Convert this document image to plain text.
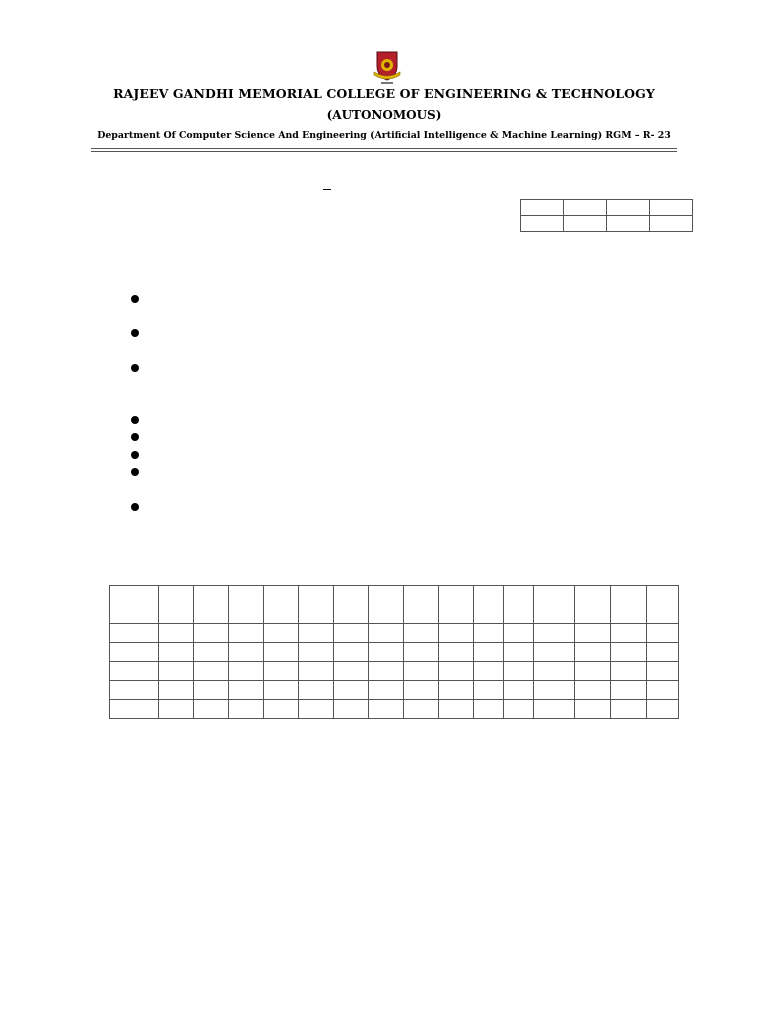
RAJEEV GANDHI MEMORIAL COLLEGE OF ENGINEERING & TECHNOLOGY
(AUTONOMOUS)
Department Of Computer Science And Engineering (Artificial Intelligence & Machine Learning) RGM – R- 23
